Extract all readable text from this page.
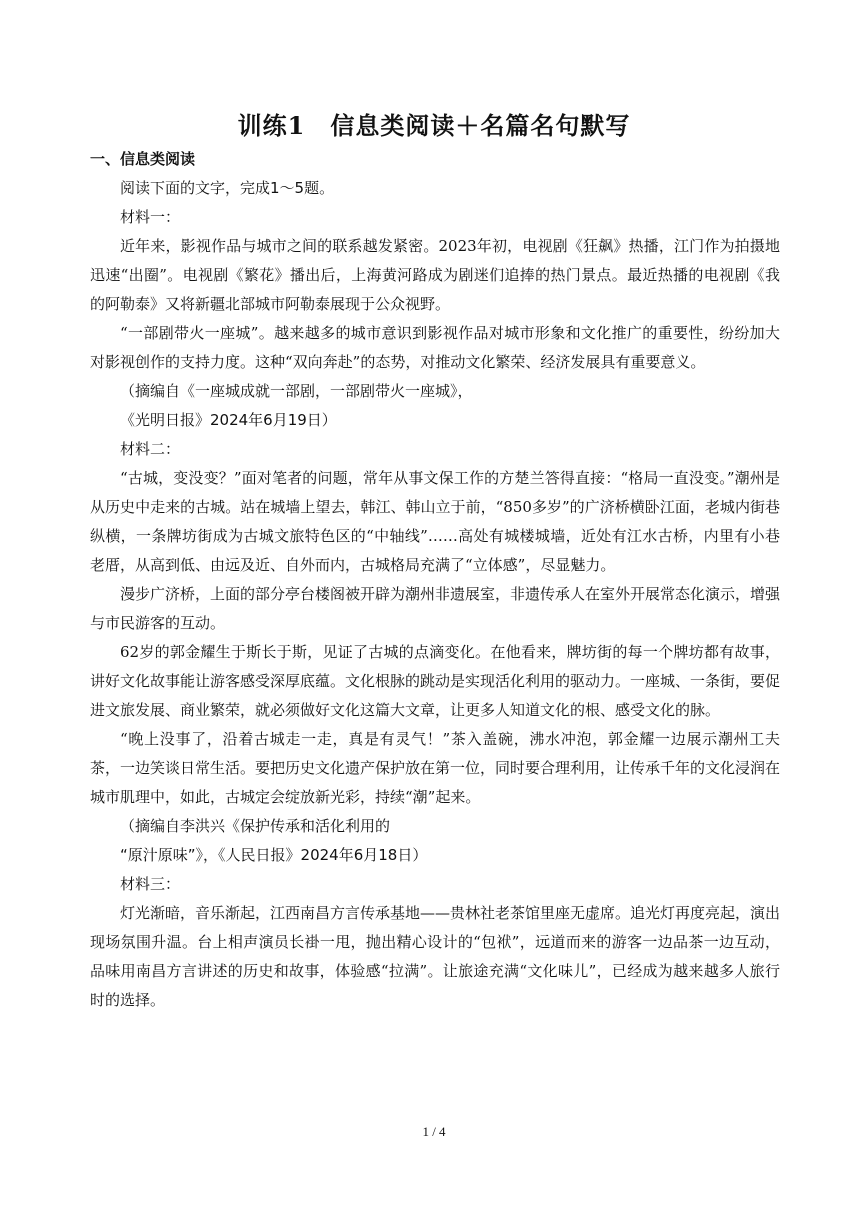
训练1　信息类阅读＋名篇名句默写
一、信息类阅读

阅读下面的文字，完成1～5题。

材料一：

近年来，影视作品与城市之间的联系越发紧密。2023年初，电视剧《狂飙》热播，江门作为拍摄地迅速“出圈”。电视剧《繁花》播出后，上海黄河路成为剧迷们追捧的热门景点。最近热播的电视剧《我的阿勒泰》又将新疆北部城市阿勒泰展现于公众视野。

“一部剧带火一座城”。越来越多的城市意识到影视作品对城市形象和文化推广的重要性，纷纷加大对影视创作的支持力度。这种“双向奔赴”的态势，对推动文化繁荣、经济发展具有重要意义。

（摘编自《一座城成就一部剧，一部剧带火一座城》，

《光明日报》2024年6月19日）

材料二：

“古城，变没变？”面对笔者的问题，常年从事文保工作的方楚兰答得直接：“格局一直没变。”潮州是从历史中走来的古城。站在城墙上望去，韩江、韩山立于前，“850多岁”的广济桥横卧江面，老城内街巷纵横，一条牌坊街成为古城文旅特色区的“中轴线”……高处有城楼城墙，近处有江水古桥，内里有小巷老厝，从高到低、由远及近、自外而内，古城格局充满了“立体感”，尽显魅力。

漫步广济桥，上面的部分亭台楼阁被开辟为潮州非遗展室，非遗传承人在室外开展常态化演示，增强与市民游客的互动。

62岁的郭金耀生于斯长于斯，见证了古城的点滴变化。在他看来，牌坊街的每一个牌坊都有故事，讲好文化故事能让游客感受深厚底蕴。文化根脉的跳动是实现活化利用的驱动力。一座城、一条街，要促进文旅发展、商业繁荣，就必须做好文化这篇大文章，让更多人知道文化的根、感受文化的脉。

“晚上没事了，沿着古城走一走，真是有灵气！”茶入盖碗，沸水冲泡，郭金耀一边展示潮州工夫茶，一边笑谈日常生活。要把历史文化遗产保护放在第一位，同时要合理利用，让传承千年的文化浸润在城市肌理中，如此，古城定会绽放新光彩，持续“潮”起来。

（摘编自李洪兴《保护传承和活化利用的

“原汁原味”》，《人民日报》2024年6月18日）

材料三：

灯光渐暗，音乐渐起，江西南昌方言传承基地——贵林社老茶馆里座无虚席。追光灯再度亮起，演出现场氛围升温。台上相声演员长褂一甩，抛出精心设计的“包袱”，远道而来的游客一边品茶一边互动，品味用南昌方言讲述的历史和故事，体验感“拉满”。让旅途充满“文化味儿”，已经成为越来越多人旅行时的选择。

1 / 4
